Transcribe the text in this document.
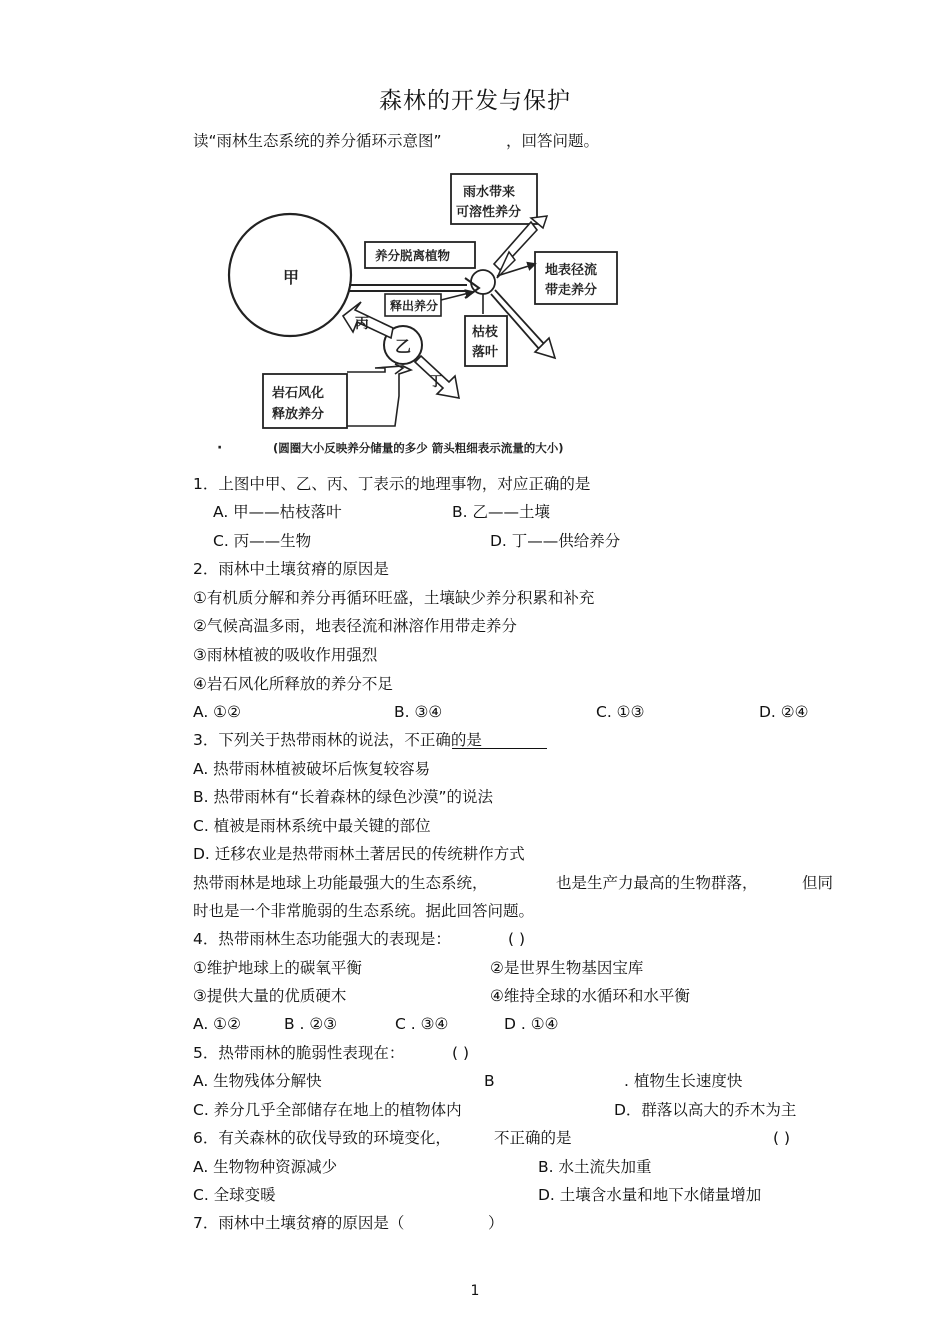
森林的开发与保护
读“雨林生态系统的养分循环示意图”	，回答问题。
甲
乙
雨水带来
可溶性养分
养分脱离植物
释出养分
丙
地表径流
带走养分
枯枝
落叶
丁
岩石风化
释放养分
·	(圆圈大小反映养分储量的多少 箭头粗细表示流量的大小)
1．上图中甲、乙、丙、丁表示的地理事物，对应正确的是
A. 甲——枯枝落叶	B. 乙——土壤
C. 丙——生物	D. 丁——供给养分
2．雨林中土壤贫瘠的原因是
①有机质分解和养分再循环旺盛，土壤缺少养分积累和补充
②气候高温多雨，地表径流和淋溶作用带走养分
③雨林植被的吸收作用强烈
④岩石风化所释放的养分不足
A. ①②	B. ③④	C. ①③	D. ②④
3．下列关于热带雨林的说法，不正确的是
A. 热带雨林植被破坏后恢复较容易
B. 热带雨林有“长着森林的绿色沙漠”的说法
C. 植被是雨林系统中最关键的部位
D. 迁移农业是热带雨林土著居民的传统耕作方式
热带雨林是地球上功能最强大的生态系统，	也是生产力最高的生物群落，	但同
时也是一个非常脆弱的生态系统。据此回答问题。
4．热带雨林生态功能强大的表现是：	( )
①维护地球上的碳氧平衡	②是世界生物基因宝库
③提供大量的优质硬木	④维持全球的水循环和水平衡
A. ①②	B . ②③	C . ③④	D . ①④
5．热带雨林的脆弱性表现在：	( )
A. 生物残体分解快	B	. 植物生长速度快
C. 养分几乎全部储存在地上的植物体内	D．群落以高大的乔木为主
6．有关森林的砍伐导致的环境变化，	不正确的是	( )
A. 生物物种资源减少	B. 水土流失加重
C. 全球变暖	D. 土壤含水量和地下水储量增加
7．雨林中土壤贫瘠的原因是（	）
1
